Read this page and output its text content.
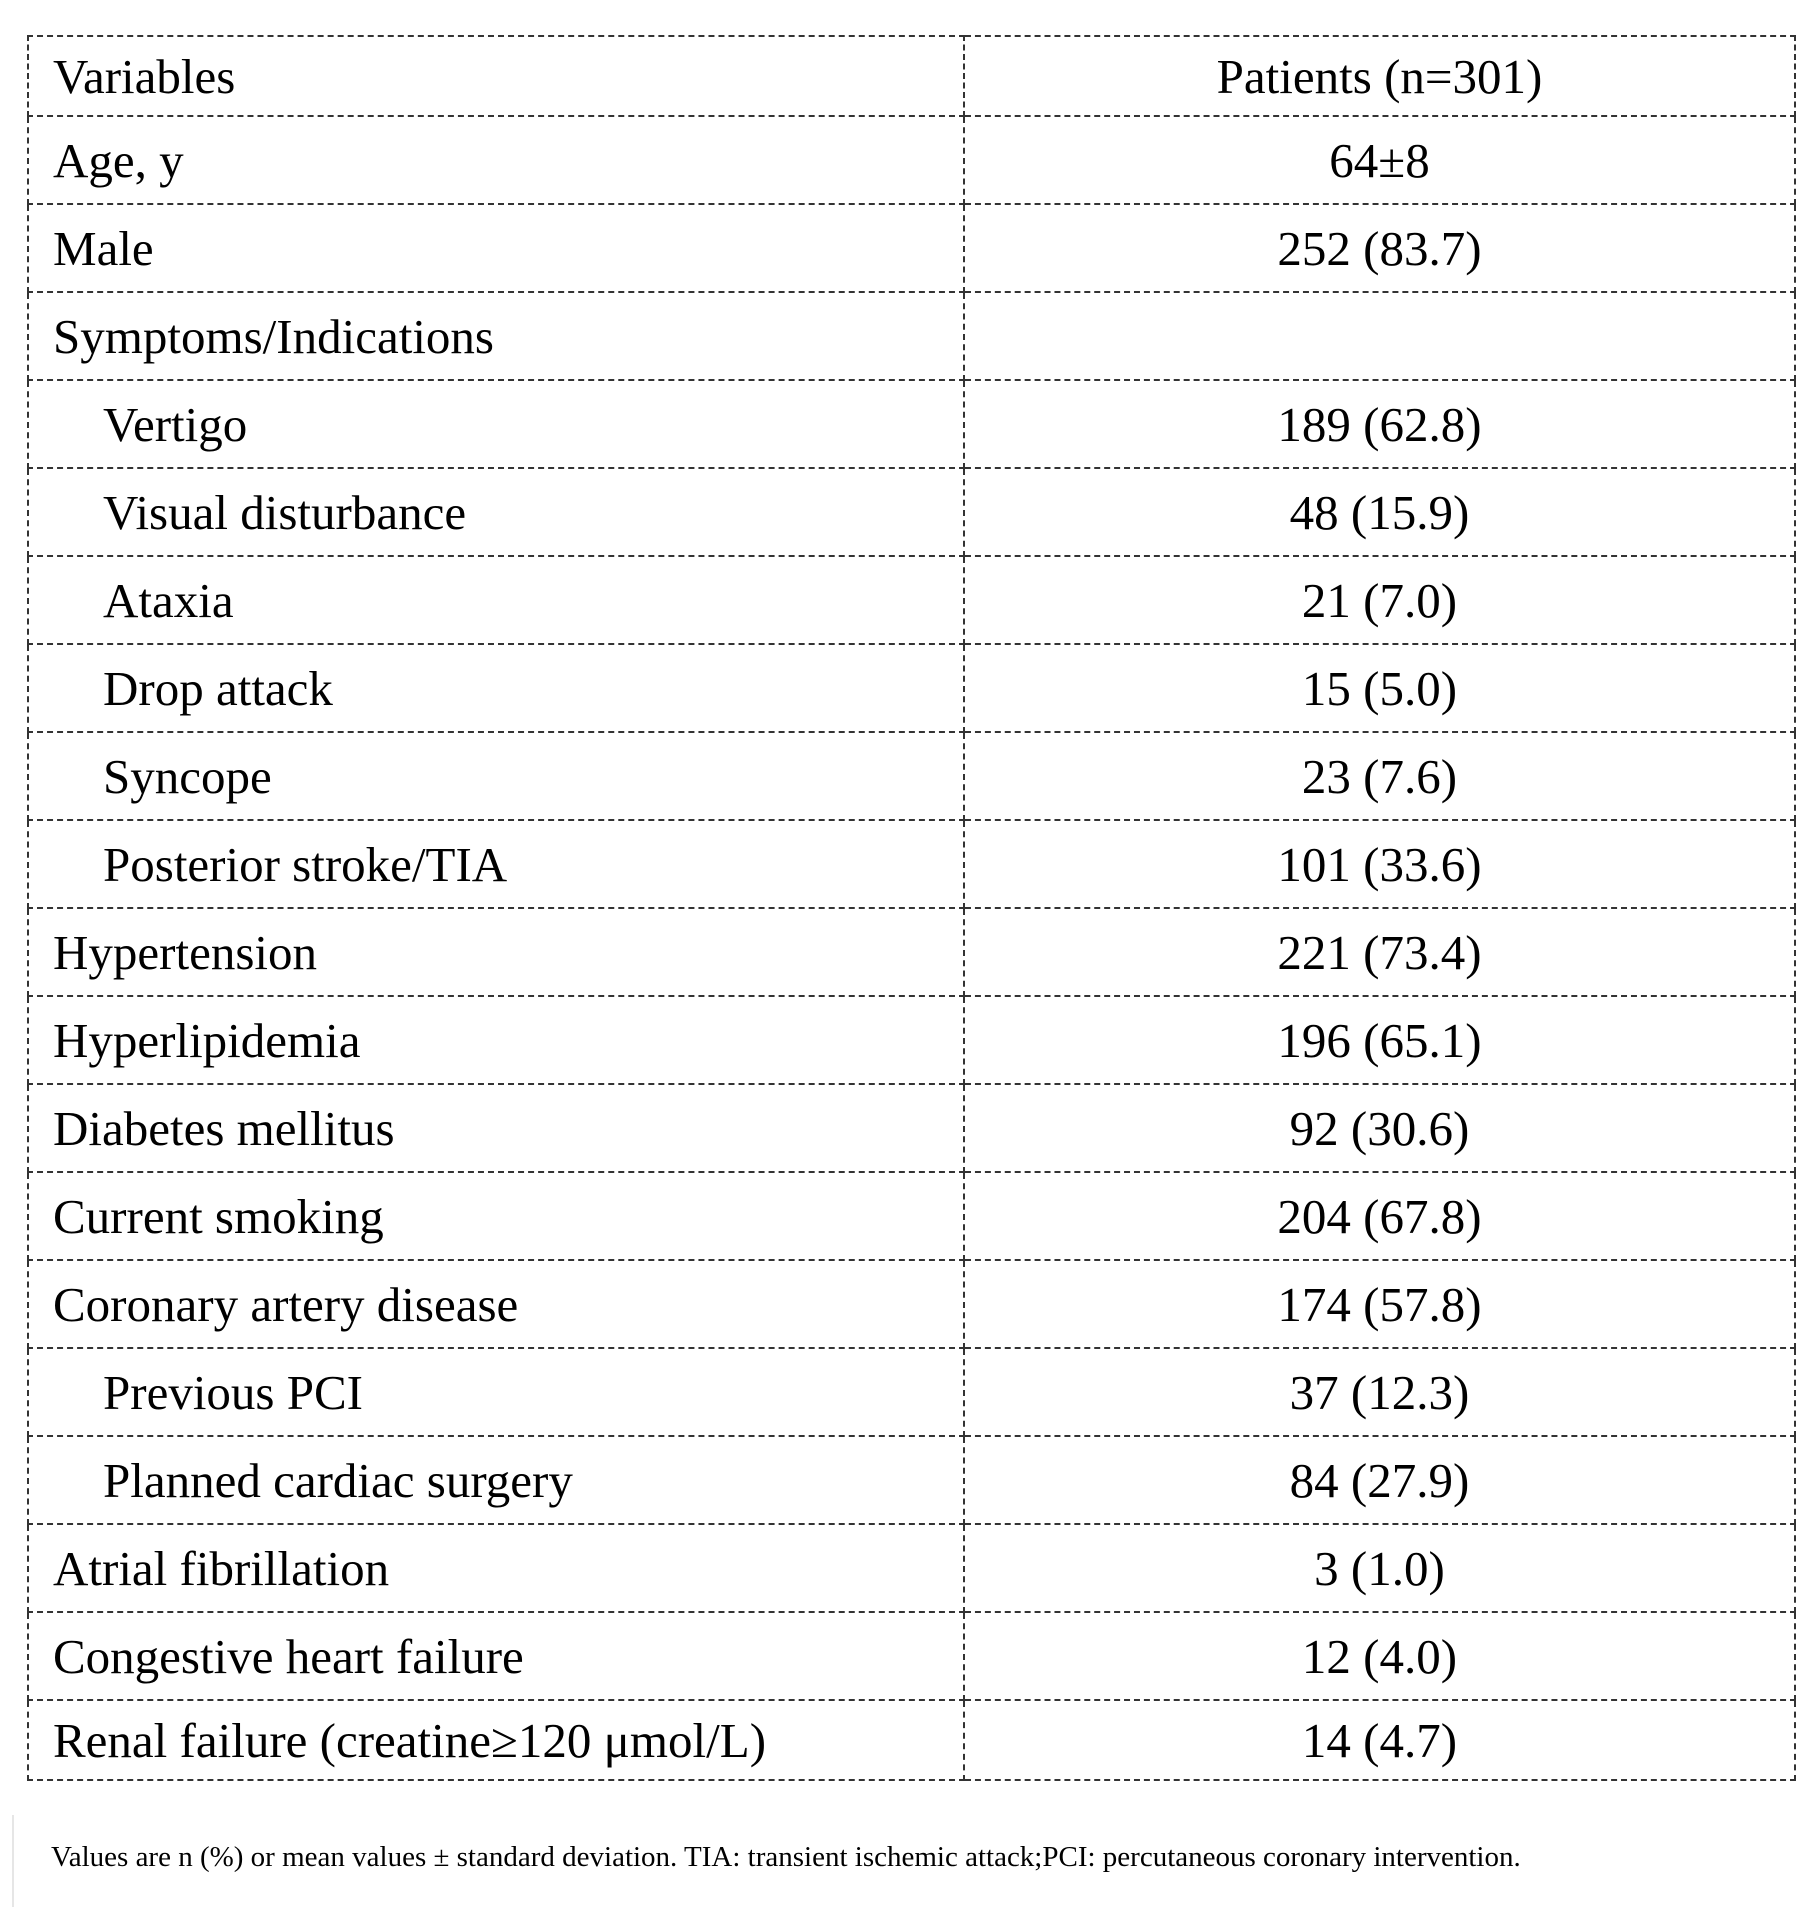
Variables	Patients (n=301)
Age, y	64±8
Male	252 (83.7)
Symptoms/Indications	
Vertigo	189 (62.8)
Visual disturbance	48 (15.9)
Ataxia	21 (7.0)
Drop attack	15 (5.0)
Syncope	23 (7.6)
Posterior stroke/TIA	101 (33.6)
Hypertension	221 (73.4)
Hyperlipidemia	196 (65.1)
Diabetes mellitus	92 (30.6)
Current smoking	204 (67.8)
Coronary artery disease	174 (57.8)
Previous PCI	37 (12.3)
Planned cardiac surgery	84 (27.9)
Atrial fibrillation	3 (1.0)
Congestive heart failure	12 (4.0)
Renal failure (creatine≥120 μmol/L)	14 (4.7)
Values are n (%) or mean values ± standard deviation. TIA: transient ischemic attack;PCI: percutaneous coronary intervention.
